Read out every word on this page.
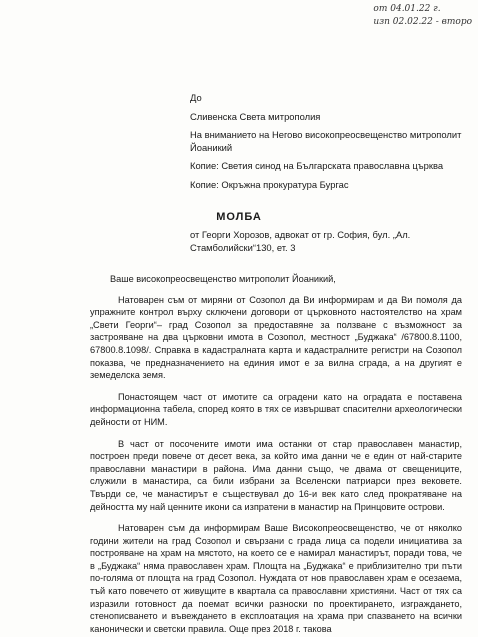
от 04.01.22 г.
изп 02.02.22 - второ

До

Сливенска Света митрополия

На вниманието на Негово високопреосвещенство митрополит Йоаникий

Копие: Светия синод на Българската православна църква

Копие: Окръжна прокуратура Бургас

МОЛБА
от Георги Хорозов, адвокат от гр. София, бул. „Ал. Стамболийски“130, ет. 3

Ваше високопреосвещенство митрополит Йоаникий,

Натоварен съм от миряни от Созопол да Ви информирам и да Ви помоля да упражните контрол върху сключени договори от църковното настоятелство на храм „Свети Георги“– град Созопол за предоставяне за ползване с възможност за застрояване на два църковни имота в Созопол, местност „Буджака“ /67800.8.1100, 67800.8.1098/. Справка в кадастралната карта и кадастралните регистри на Созопол показва, че предназначението на единия имот е за вилна сграда, а на другият е земеделска земя.

Понастоящем част от имотите са оградени като на оградата е поставена информационна табела, според която в тях се извършват спасителни археологически дейности от НИМ.

В част от посочените имоти има останки от стар православен манастир, построен преди повече от десет века, за който има данни че е един от най-старите православни манастири в района. Има данни също, че двама от свещениците, служили в манастира, са били избрани за Вселенски патриарси през вековете. Твърди се, че манастирът е съществувал до 16-и век като след прократяване на дейността му най ценните икони са изпратени в манастир на Принцовите острови.

Натоварен съм да информирам Ваше Високопреосвещенство, че от няколко години жители на град Созопол и свързани с града лица са подели инициатива за построяване на храм на мястото, на което се е намирал манастирът, поради това, че в „Буджака“ няма православен храм. Площта на „Буджака“ е приблизително три пъти по-голяма от площта на град Созопол. Нуждата от нов православен храм е осезаема, тъй като повечето от живущите в квартала са православни християни. Част от тях са изразили готовност да поемат всички разноски по проектирането, изграждането, стенописването и въвеждането в експлоатация на храма при спазването на всички канонически и светски правила. Още през 2018 г. такова
